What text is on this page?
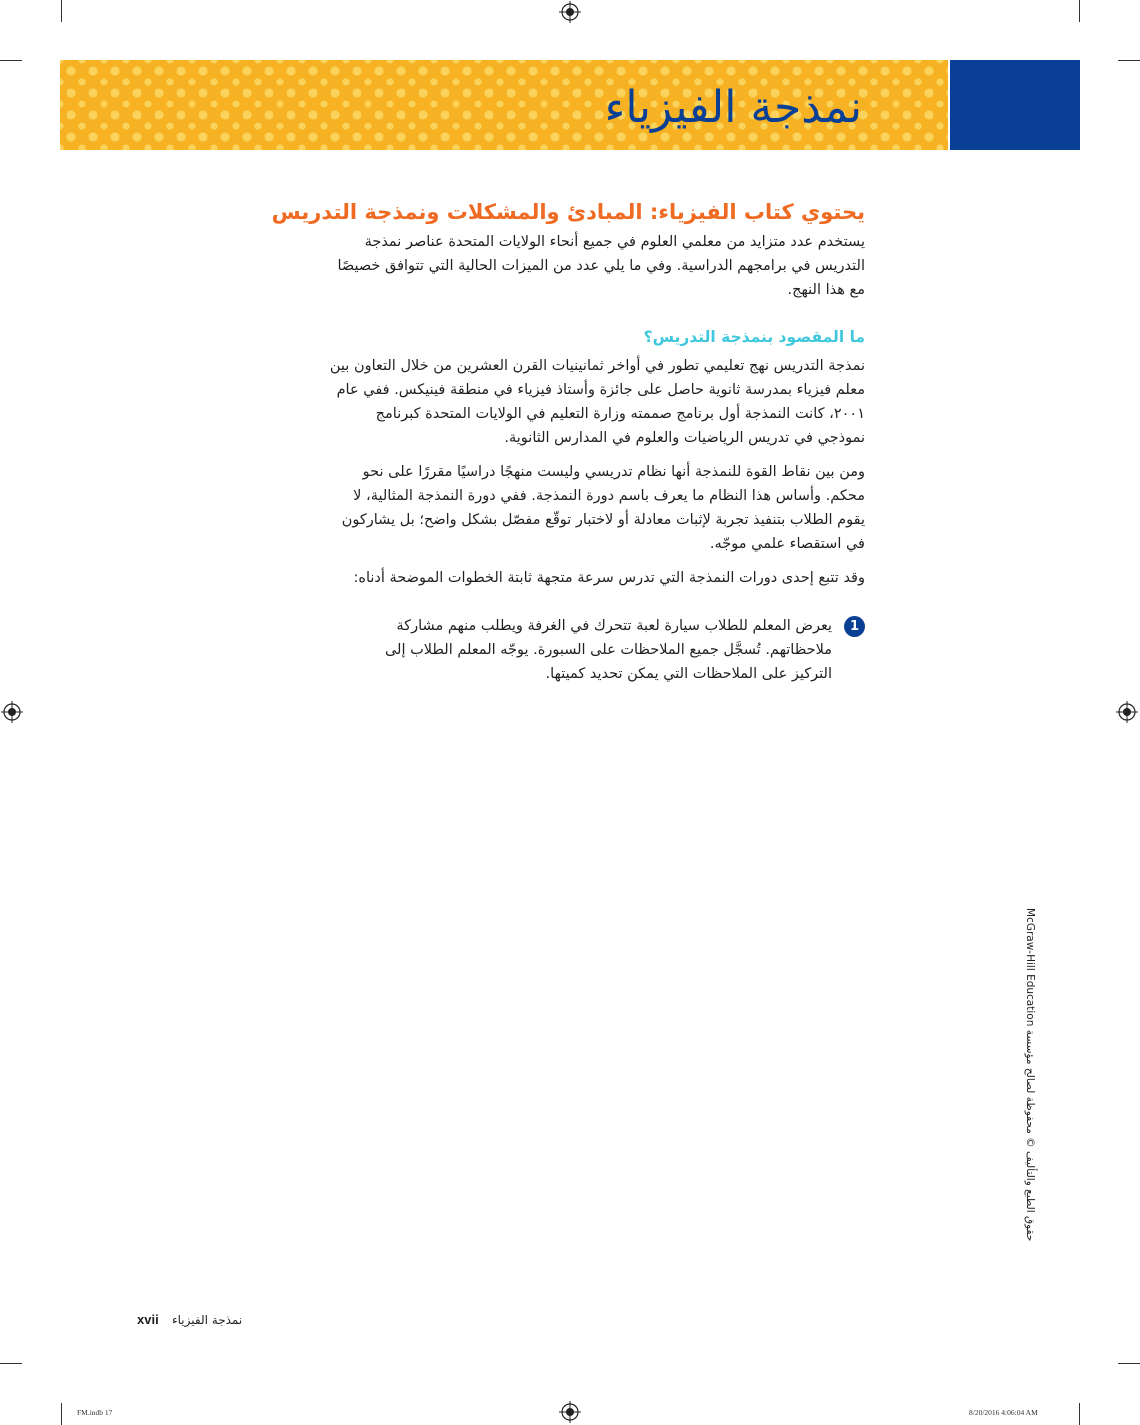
نمذجة الفيزياء
يحتوي كتاب الفيزياء: المبادئ والمشكلات ونمذجة التدريس

يستخدم عدد متزايد من معلمي العلوم في جميع أنحاء الولايات المتحدة عناصر نمذجة التدريس في برامجهم الدراسية. وفي ما يلي عدد من الميزات الحالية التي تتوافق خصيصًا مع هذا النهج.

ما المقصود بنمذجة التدريس؟

نمذجة التدريس نهج تعليمي تطور في أواخر ثمانينيات القرن العشرين من خلال التعاون بين معلم فيزياء بمدرسة ثانوية حاصل على جائزة وأستاذ فيزياء في منطقة فينيكس. ففي عام ٢٠٠١، كانت النمذجة أول برنامج صممته وزارة التعليم في الولايات المتحدة كبرنامج نموذجي في تدريس الرياضيات والعلوم في المدارس الثانوية.

ومن بين نقاط القوة للنمذجة أنها نظام تدريسي وليست منهجًا دراسيًا مقررًا على نحو محكم. وأساس هذا النظام ما يعرف باسم دورة النمذجة. ففي دورة النمذجة المثالية، لا يقوم الطلاب بتنفيذ تجربة لإثبات معادلة أو لاختبار توقّع مفصّل بشكل واضح؛ بل يشاركون في استقصاء علمي موجّه.

وقد تتبع إحدى دورات النمذجة التي تدرس سرعة متجهة ثابتة الخطوات الموضحة أدناه:

1
يعرض المعلم للطلاب سيارة لعبة تتحرك في الغرفة ويطلب منهم مشاركة ملاحظاتهم. تُسجَّل جميع الملاحظات على السبورة. يوجّه المعلم الطلاب إلى التركيز على الملاحظات التي يمكن تحديد كميتها.
McGraw-Hill Education حقوق الطبع والتأليف © محفوظة لصالح مؤسسة
نمذجة الفيزياء
xvii
FM.indb 17	8/20/2016 4:06:04 AM
